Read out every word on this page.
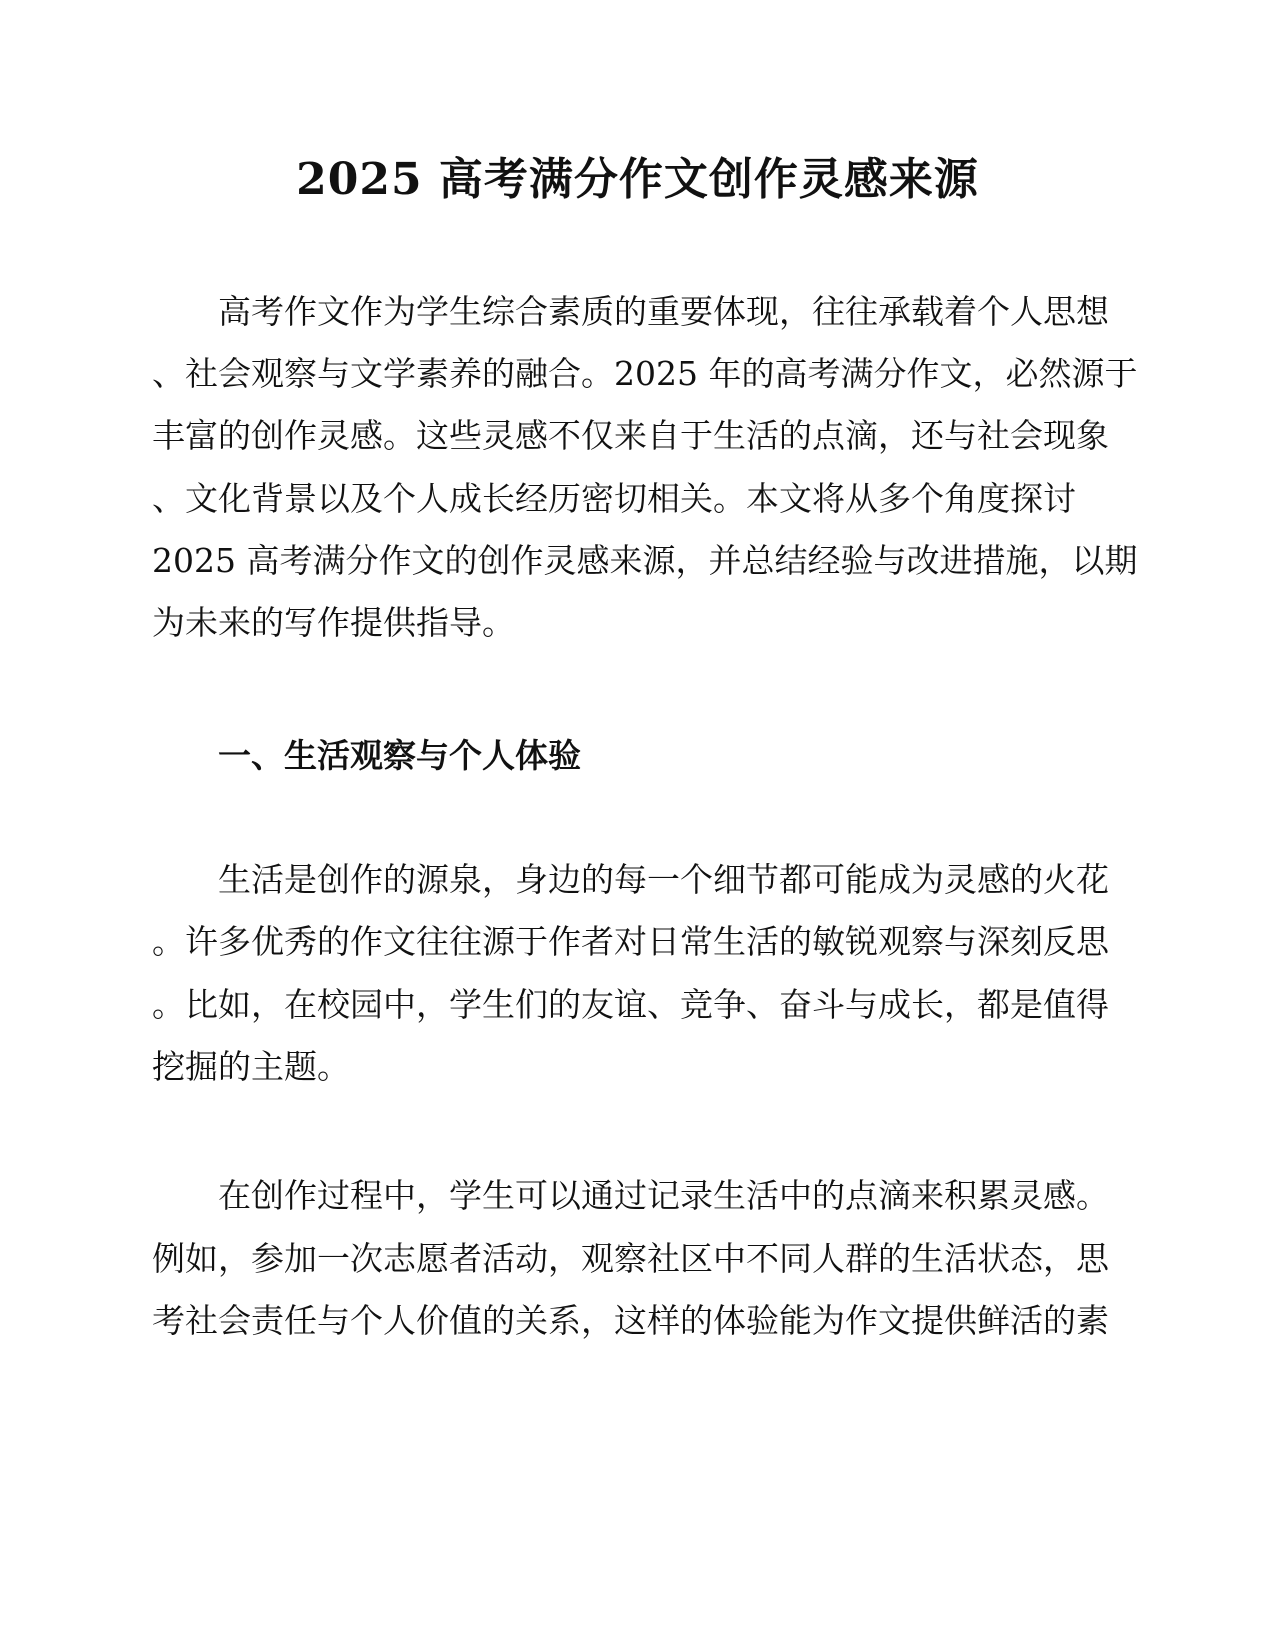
2025 高考满分作文创作灵感来源

高考作文作为学生综合素质的重要体现，往往承载着个人思想

、社会观察与文学素养的融合。2025 年的高考满分作文，必然源于

丰富的创作灵感。这些灵感不仅来自于生活的点滴，还与社会现象

、文化背景以及个人成长经历密切相关。本文将从多个角度探讨

2025 高考满分作文的创作灵感来源，并总结经验与改进措施，以期

为未来的写作提供指导。

一、生活观察与个人体验

生活是创作的源泉，身边的每一个细节都可能成为灵感的火花

。许多优秀的作文往往源于作者对日常生活的敏锐观察与深刻反思

。比如，在校园中，学生们的友谊、竞争、奋斗与成长，都是值得

挖掘的主题。

在创作过程中，学生可以通过记录生活中的点滴来积累灵感。

例如，参加一次志愿者活动，观察社区中不同人群的生活状态，思

考社会责任与个人价值的关系，这样的体验能为作文提供鲜活的素
